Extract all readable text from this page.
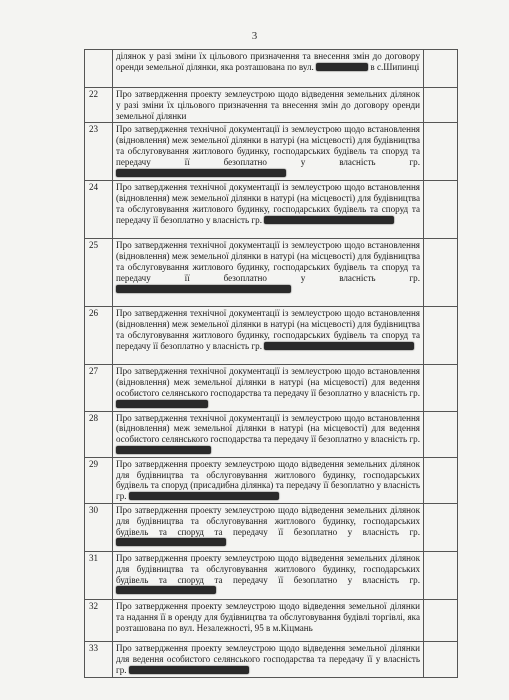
3
	ділянок у разі зміни їх цільового призначення та внесення змін до договору оренди земельної ділянки, яка розташована по вул. в с.Шипинці	
22	Про затвердження проекту землеустрою щодо відведення земельних ділянок у разі зміни їх цільового призначення та внесення змін до договору оренди земельної ділянки	
23	Про затвердження технічної документації із землеустрою щодо встановлення (відновлення) меж земельної ділянки в натурі (на місцевості) для будівництва та обслуговування житлового будинку, господарських будівель та споруд та передачу її безоплатно у власність гр.	
24	Про затвердження технічної документації із землеустрою щодо встановлення (відновлення) меж земельної ділянки в натурі (на місцевості) для будівництва та обслуговування житлового будинку, господарських будівель та споруд та передачу її безоплатно у власність гр.	
25	Про затвердження технічної документації із землеустрою щодо встановлення (відновлення) меж земельної ділянки в натурі (на місцевості) для будівництва та обслуговування житлового будинку, господарських будівель та споруд та передачу її безоплатно у власність гр.	
26	Про затвердження технічної документації із землеустрою щодо встановлення (відновлення) меж земельної ділянки в натурі (на місцевості) для будівництва та обслуговування житлового будинку, господарських будівель та споруд та передачу її безоплатно у власність гр.	
27	Про затвердження технічної документації із землеустрою щодо встановлення (відновлення) меж земельної ділянки в натурі (на місцевості) для ведення особистого селянського господарства та передачу її безоплатно у власність гр.	
28	Про затвердження технічної документації із землеустрою щодо встановлення (відновлення) меж земельної ділянки в натурі (на місцевості) для ведення особистого селянського господарства та передачу її безоплатно у власність гр.	
29	Про затвердження проекту землеустрою щодо відведення земельних ділянок для будівництва та обслуговування житлового будинку, господарських будівель та споруд (присадибна ділянка) та передачу її безоплатно у власність гр.	
30	Про затвердження проекту землеустрою щодо відведення земельних ділянок для будівництва та обслуговування житлового будинку, господарських будівель та споруд та передачу її безоплатно у власність гр.	
31	Про затвердження проекту землеустрою щодо відведення земельних ділянок для будівництва та обслуговування житлового будинку, господарських будівель та споруд та передачу її безоплатно у власність гр.	
32	Про затвердження проекту землеустрою щодо відведення земельної ділянки та надання її в оренду для будівництва та обслуговування будівлі торгівлі, яка розташована по вул. Незалежності, 95 в м.Кіцмань	
33	Про затвердження проекту землеустрою щодо відведення земельної ділянки для ведення особистого селянського господарства та передачу її у власність гр.	
